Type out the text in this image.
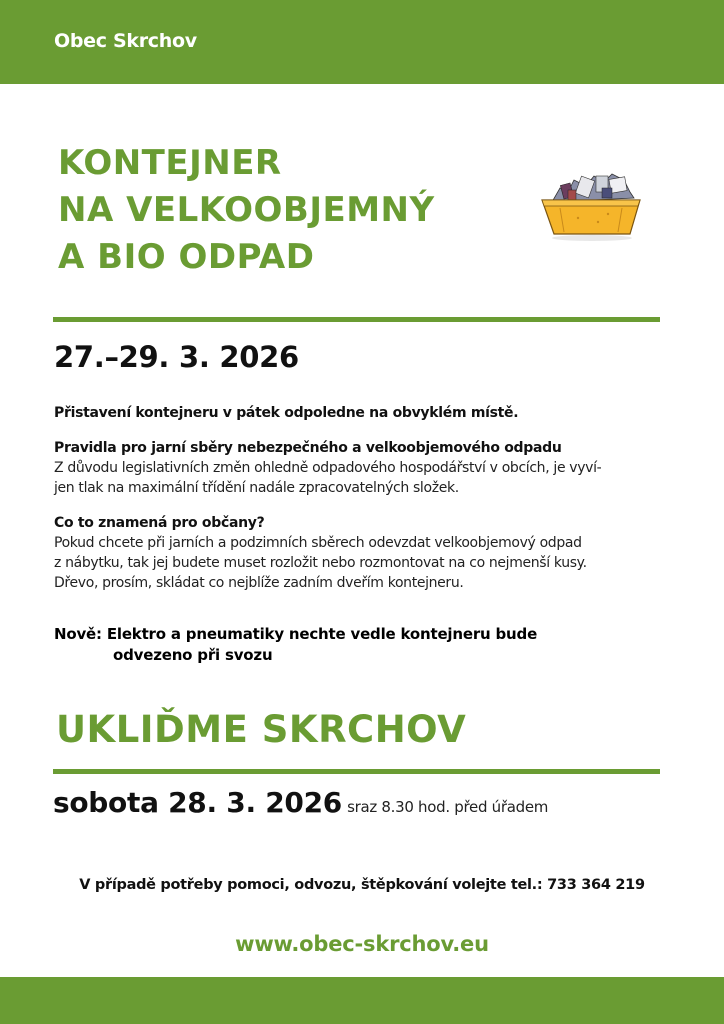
Obec Skrchov
KONTEJNER
NA VELKOOBJEMNÝ
A BIO ODPAD
27.–29. 3. 2026
Přistavení kontejneru v pátek odpoledne na obvyklém místě.
Pravidla pro jarní sběry nebezpečného a velkoobjemového odpadu
Z důvodu legislativních změn ohledně odpadového hospodářství v obcích, je vyví-
jen tlak na maximální třídění nadále zpracovatelných složek.
Co to znamená pro občany?
Pokud chcete při jarních a podzimních sběrech odevzdat velkoobjemový odpad
z nábytku, tak jej budete muset rozložit nebo rozmontovat na co nejmenší kusy.
Dřevo, prosím, skládat co nejblíže zadním dveřím kontejneru.
Nově: Elektro a pneumatiky nechte vedle kontejneru bude
odvezeno při svozu
UKLIĎME SKRCHOV
sobota 28. 3. 2026 sraz 8.30 hod. před úřadem
V případě potřeby pomoci, odvozu, štěpkování volejte tel.: 733 364 219
www.obec-skrchov.eu
